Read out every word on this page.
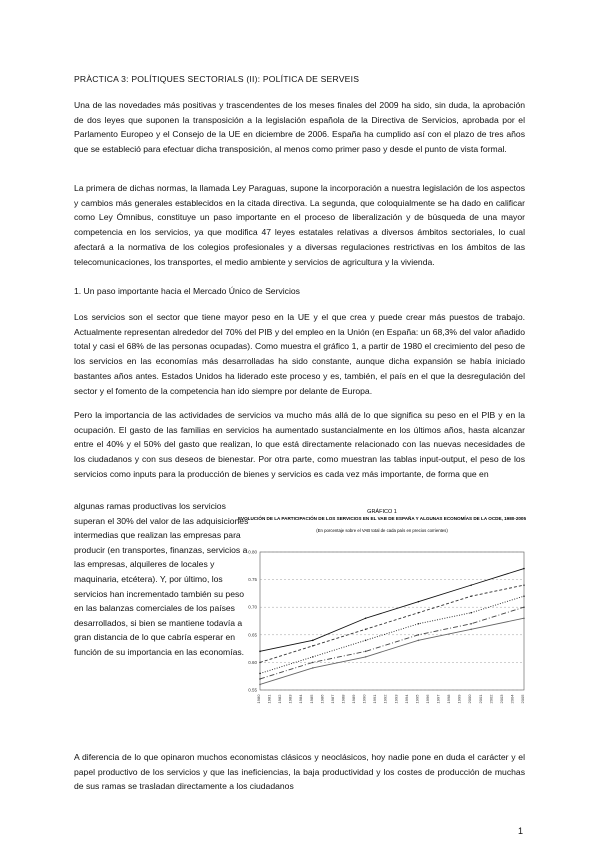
PRÀCTICA 3: POLÍTIQUES SECTORIALS (II): POLÍTICA DE SERVEIS

Una de las novedades más positivas y trascendentes de los meses finales del 2009 ha sido, sin duda, la aprobación de dos leyes que suponen la transposición a la legislación española de la Directiva de Servicios, aprobada por el Parlamento Europeo y el Consejo de la UE en diciembre de 2006. España ha cumplido así con el plazo de tres años que se estableció para efectuar dicha transposición, al menos como primer paso y desde el punto de vista formal.

La primera de dichas normas, la llamada Ley Paraguas, supone la incorporación a nuestra legislación de los aspectos y cambios más generales establecidos en la citada directiva. La segunda, que coloquialmente se ha dado en calificar como Ley Ómnibus, constituye un paso importante en el proceso de liberalización y de búsqueda de una mayor competencia en los servicios, ya que modifica 47 leyes estatales relativas a diversos ámbitos sectoriales, lo cual afectará a la normativa de los colegios profesionales y a diversas regulaciones restrictivas en los ámbitos de las telecomunicaciones, los transportes, el medio ambiente y servicios de agricultura y la vivienda.

1. Un paso importante hacia el Mercado Único de Servicios

Los servicios son el sector que tiene mayor peso en la UE y el que crea y puede crear más puestos de trabajo. Actualmente representan alrededor del 70% del PIB y del empleo en la Unión (en España: un 68,3% del valor añadido total y casi el 68% de las personas ocupadas). Como muestra el gráfico 1, a partir de 1980 el crecimiento del peso de los servicios en las economías más desarrolladas ha sido constante, aunque dicha expansión se había iniciado bastantes años antes. Estados Unidos ha liderado este proceso y es, también, el país en el que la desregulación del sector y el fomento de la competencia han ido siempre por delante de Europa.

Pero la importancia de las actividades de servicios va mucho más allá de lo que significa su peso en el PIB y en la ocupación. El gasto de las familias en servicios ha aumentado sustancialmente en los últimos años, hasta alcanzar entre el 40% y el 50% del gasto que realizan, lo que está directamente relacionado con las nuevas necesidades de los ciudadanos y con sus deseos de bienestar. Por otra parte, como muestran las tablas input-output, el peso de los servicios como inputs para la producción de bienes y servicios es cada vez más importante, de forma que en

algunas ramas productivas los servicios superan el 30% del valor de las adquisiciones intermedias que realizan las empresas para producir (en transportes, finanzas, servicios a las empresas, alquileres de locales y maquinaria, etcétera). Y, por último, los servicios han incrementado también su peso en las balanzas comerciales de los países desarrollados, si bien se mantiene todavía a gran distancia de lo que cabría esperar en función de su importancia en las economías.

GRÁFICO 1
EVOLUCIÓN DE LA PARTICIPACIÓN DE LOS SERVICIOS EN EL VAB DE ESPAÑA Y ALGUNAS ECONOMÍAS DE LA OCDE, 1980-2005
(En porcentaje sobre el VAB total de cada país en precios corrientes)
0.55
0.60
0.65
0.70
0.75
0.80
1980 1981 1982 1983 1984 1985 1986 1987 1988 1989 1990 1991 1992 1993 1994 1995 1996 1997 1998 1999 2000 2001 2002 2003 2004 2005

A diferencia de lo que opinaron muchos economistas clásicos y neoclásicos, hoy nadie pone en duda el carácter y el papel productivo de los servicios y que las ineficiencias, la baja productividad y los costes de producción de muchas de sus ramas se trasladan directamente a los ciudadanos

1
